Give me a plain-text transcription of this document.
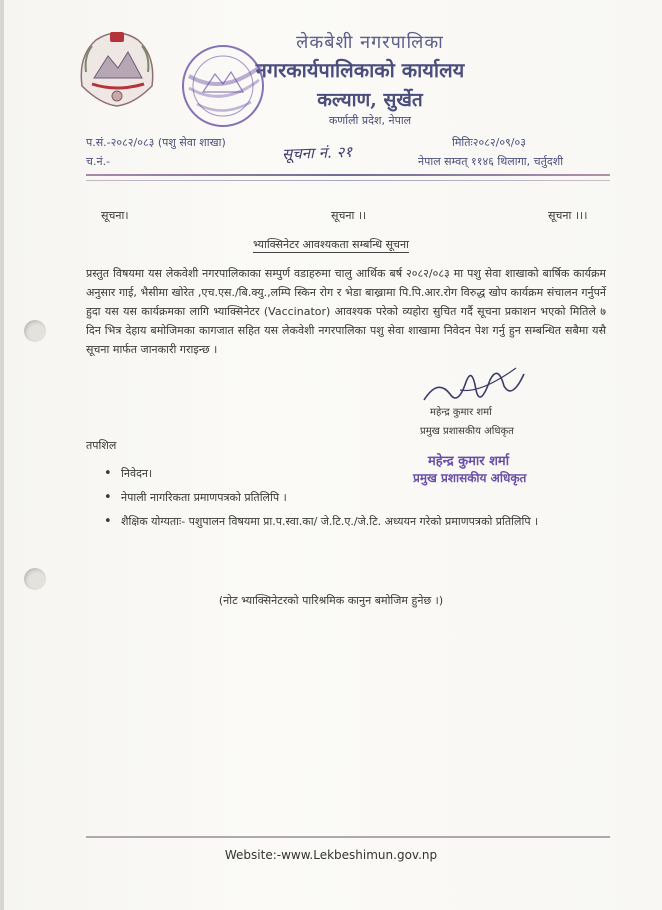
लेकबेशी नगरपालिका
नगरकार्यपालिकाको कार्यालय
कल्याण, सुर्खेत
कर्णाली प्रदेश, नेपाल
प.सं.-२०८२/०८३ (पशु सेवा शाखा)
च.नं.-
मितिः२०८२/०९/०३
नेपाल सम्वत् ११४६ थिलागा, चर्तुदशी
सूचना नं. २१
सूचना।	सूचना ।।	सूचना ।।।
भ्याक्सिनेटर आवश्यकता सम्बन्धि सूचना
प्रस्तुत विषयमा यस लेकवेशी नगरपालिकाका सम्पुर्ण वडाहरुमा चालु आर्थिक बर्ष २०८२/०८३ मा पशु सेवा शाखाको बार्षिक कार्यक्रम अनुसार गाई, भैसीमा खोरेत ,एच.एस./बि.क्यु.,लम्पि स्किन रोग र भेडा बाख्रामा पि.पि.आर.रोग विरुद्ध खोप कार्यक्रम संचालन गर्नुपर्ने हुदा यस यस कार्यक्रमका लागि भ्याक्सिनेटर (Vaccinator) आवश्यक परेको व्यहोरा सुचित गर्दै सूचना प्रकाशन भएको मितिले ७ दिन भित्र देहाय बमोजिमका कागजात सहित यस लेकवेशी नगरपालिका पशु सेवा शाखामा निवेदन पेश गर्नु हुन सम्बन्धित सबैमा यसै सूचना मार्फत जानकारी गराइन्छ ।
महेन्द्र कुमार शर्मा
प्रमुख प्रशासकीय अधिकृत
महेन्द्र कुमार शर्मा
प्रमुख प्रशासकीय अधिकृत
तपशिल
• निवेदन।
• नेपाली नागरिकता प्रमाणपत्रको प्रतिलिपि ।
• शैक्षिक योग्यताः- पशुपालन विषयमा प्रा.प.स्वा.का/ जे.टि.ए./जे.टि. अध्ययन गरेको प्रमाणपत्रको प्रतिलिपि ।
(नोट भ्याक्सिनेटरको पारिश्रमिक कानुन बमोजिम हुनेछ ।)
Website:-www.Lekbeshimun.gov.np
